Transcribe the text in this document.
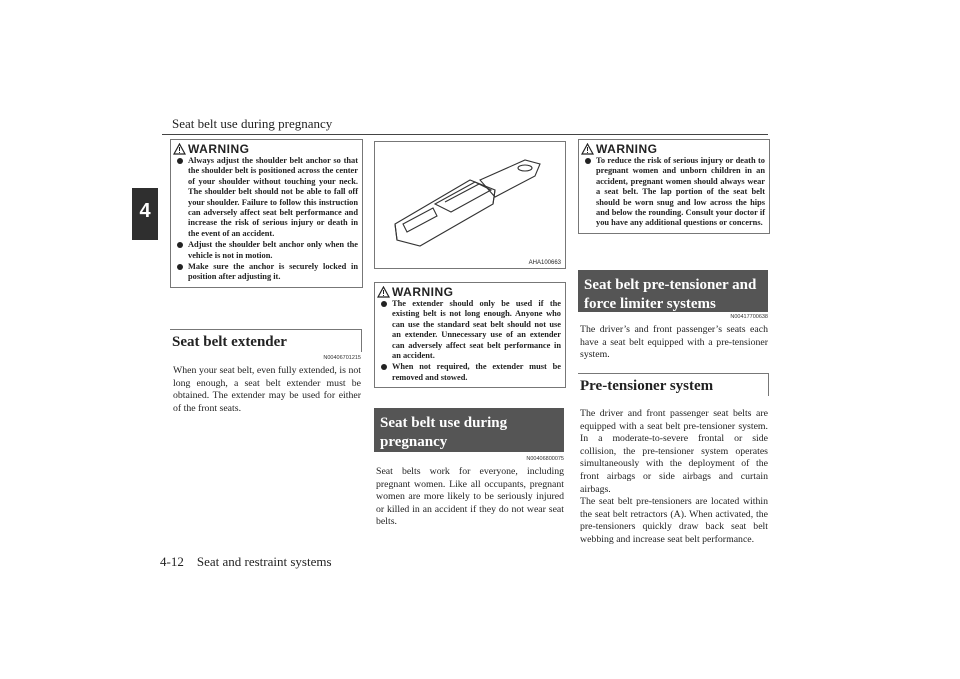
Seat belt use during pregnancy
4
WARNING
Always adjust the shoulder belt anchor so that the shoulder belt is positioned across the center of your shoulder without touching your neck. The shoulder belt should not be able to fall off your shoulder. Failure to follow this instruction can adversely affect seat belt performance and increase the risk of serious injury or death in the event of an accident.
Adjust the shoulder belt anchor only when the vehicle is not in motion.
Make sure the anchor is securely locked in position after adjusting it.
Seat belt extender
N00406701215
When your seat belt, even fully extended, is not long enough, a seat belt extender must be obtained. The extender may be used for either of the front seats.
AHA100663
WARNING
The extender should only be used if the existing belt is not long enough. Anyone who can use the standard seat belt should not use an extender. Unnecessary use of an extender can adversely affect seat belt performance in an accident.
When not required, the extender must be removed and stowed.
Seat belt use during pregnancy
N00406800075
Seat belts work for everyone, including pregnant women. Like all occupants, pregnant women are more likely to be seriously injured or killed in an accident if they do not wear seat belts.
WARNING
To reduce the risk of serious injury or death to pregnant women and unborn children in an accident, pregnant women should always wear a seat belt. The lap portion of the seat belt should be worn snug and low across the hips and below the rounding. Consult your doctor if you have any additional questions or concerns.
Seat belt pre-tensioner and force limiter systems
N00417700638
The driver’s and front passenger’s seats each have a seat belt equipped with a pre-tensioner system.
Pre-tensioner system
The driver and front passenger seat belts are equipped with a seat belt pre-tensioner system. In a moderate-to-severe frontal or side collision, the pre-tensioner system operates simultaneously with the deployment of the front airbags or side airbags and curtain airbags.
The seat belt pre-tensioners are located within the seat belt retractors (A). When activated, the pre-tensioners quickly draw back seat belt webbing and increase seat belt performance.
4-12 Seat and restraint systems
